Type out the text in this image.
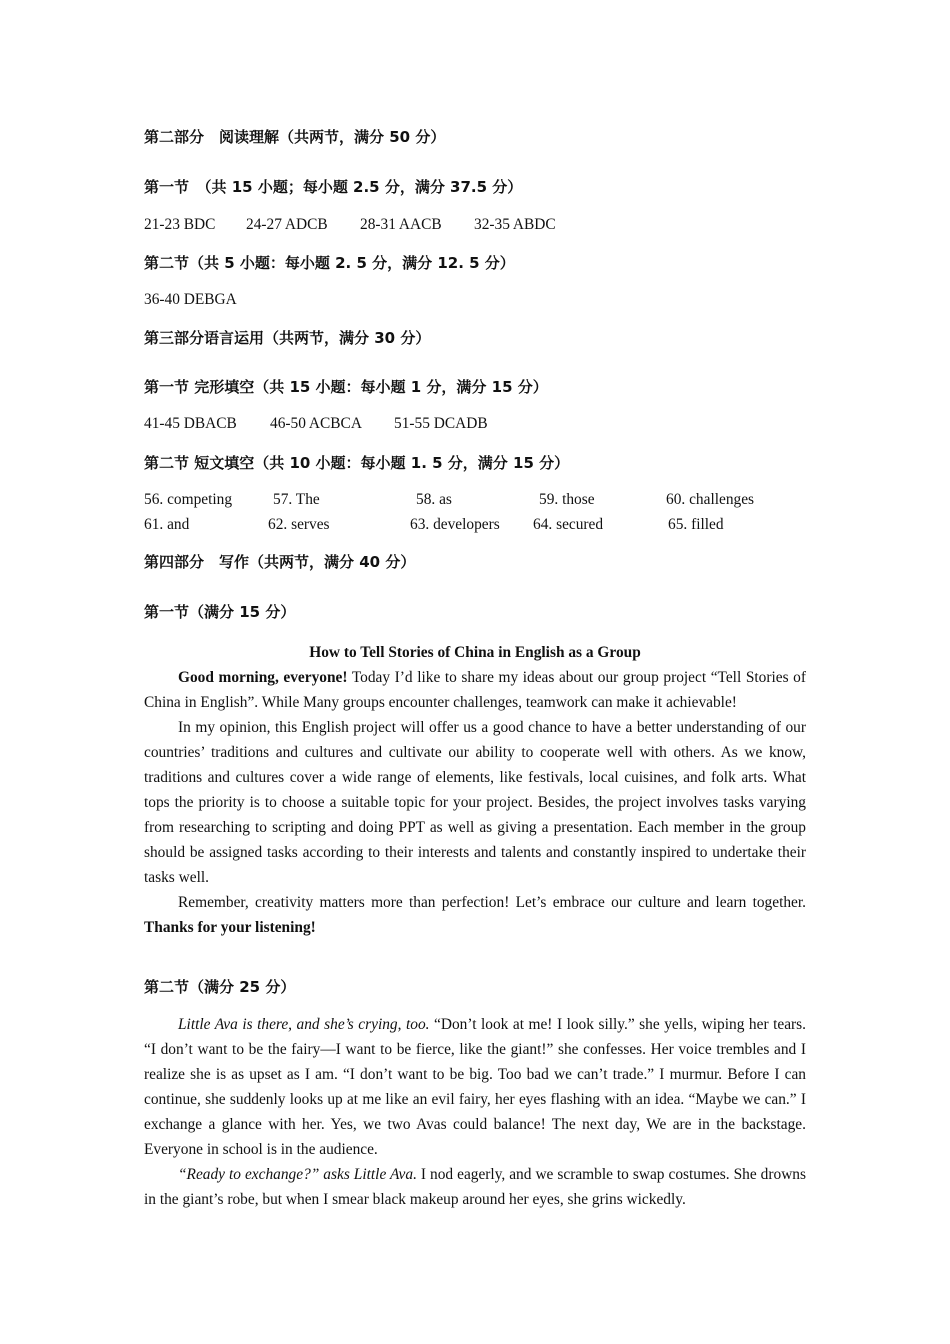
第二部分　阅读理解（共两节，满分 50 分）

第一节　（共 15 小题；每小题 2.5 分，满分 37.5 分）

21-23 BDC 24-27 ADCB 28-31 AACB 32-35 ABDC

第二节（共 5 小题：每小题 2. 5 分，满分 12. 5 分）

36-40 DEBGA

第三部分语言运用（共两节，满分 30 分）

第一节 完形填空（共 15 小题：每小题 1 分，满分 15 分）

41-45 DBACB 46-50 ACBCA 51-55 DCADB

第二节 短文填空（共 10 小题：每小题 1. 5 分，满分 15 分）

56. competing	57. The	58. as	59. those	60. challenges
61. and	62. serves	63. developers 64. secured	65. filled

第四部分　写作（共两节，满分 40 分）

第一节（满分 15 分）

How to Tell Stories of China in English as a Group

Good morning, everyone! Today I’d like to share my ideas about our group project “Tell Stories of China in English”. While Many groups encounter challenges, teamwork can make it achievable!

In my opinion, this English project will offer us a good chance to have a better understanding of our countries’ traditions and cultures and cultivate our ability to cooperate well with others. As we know, traditions and cultures cover a wide range of elements, like festivals, local cuisines, and folk arts. What tops the priority is to choose a suitable topic for your project. Besides, the project involves tasks varying from researching to scripting and doing PPT as well as giving a presentation. Each member in the group should be assigned tasks according to their interests and talents and constantly inspired to undertake their tasks well.

Remember, creativity matters more than perfection! Let’s embrace our culture and learn together. Thanks for your listening!

第二节（满分 25 分）

Little Ava is there, and she’s crying, too. “Don’t look at me! I look silly.” she yells, wiping her tears. “I don’t want to be the fairy—I want to be fierce, like the giant!” she confesses. Her voice trembles and I realize she is as upset as I am. “I don’t want to be big. Too bad we can’t trade.” I murmur. Before I can continue, she suddenly looks up at me like an evil fairy, her eyes flashing with an idea. “Maybe we can.” I exchange a glance with her. Yes, we two Avas could balance! The next day, We are in the backstage. Everyone in school is in the audience.

“Ready to exchange?” asks Little Ava. I nod eagerly, and we scramble to swap costumes. She drowns in the giant’s robe, but when I smear black makeup around her eyes, she grins wickedly.
